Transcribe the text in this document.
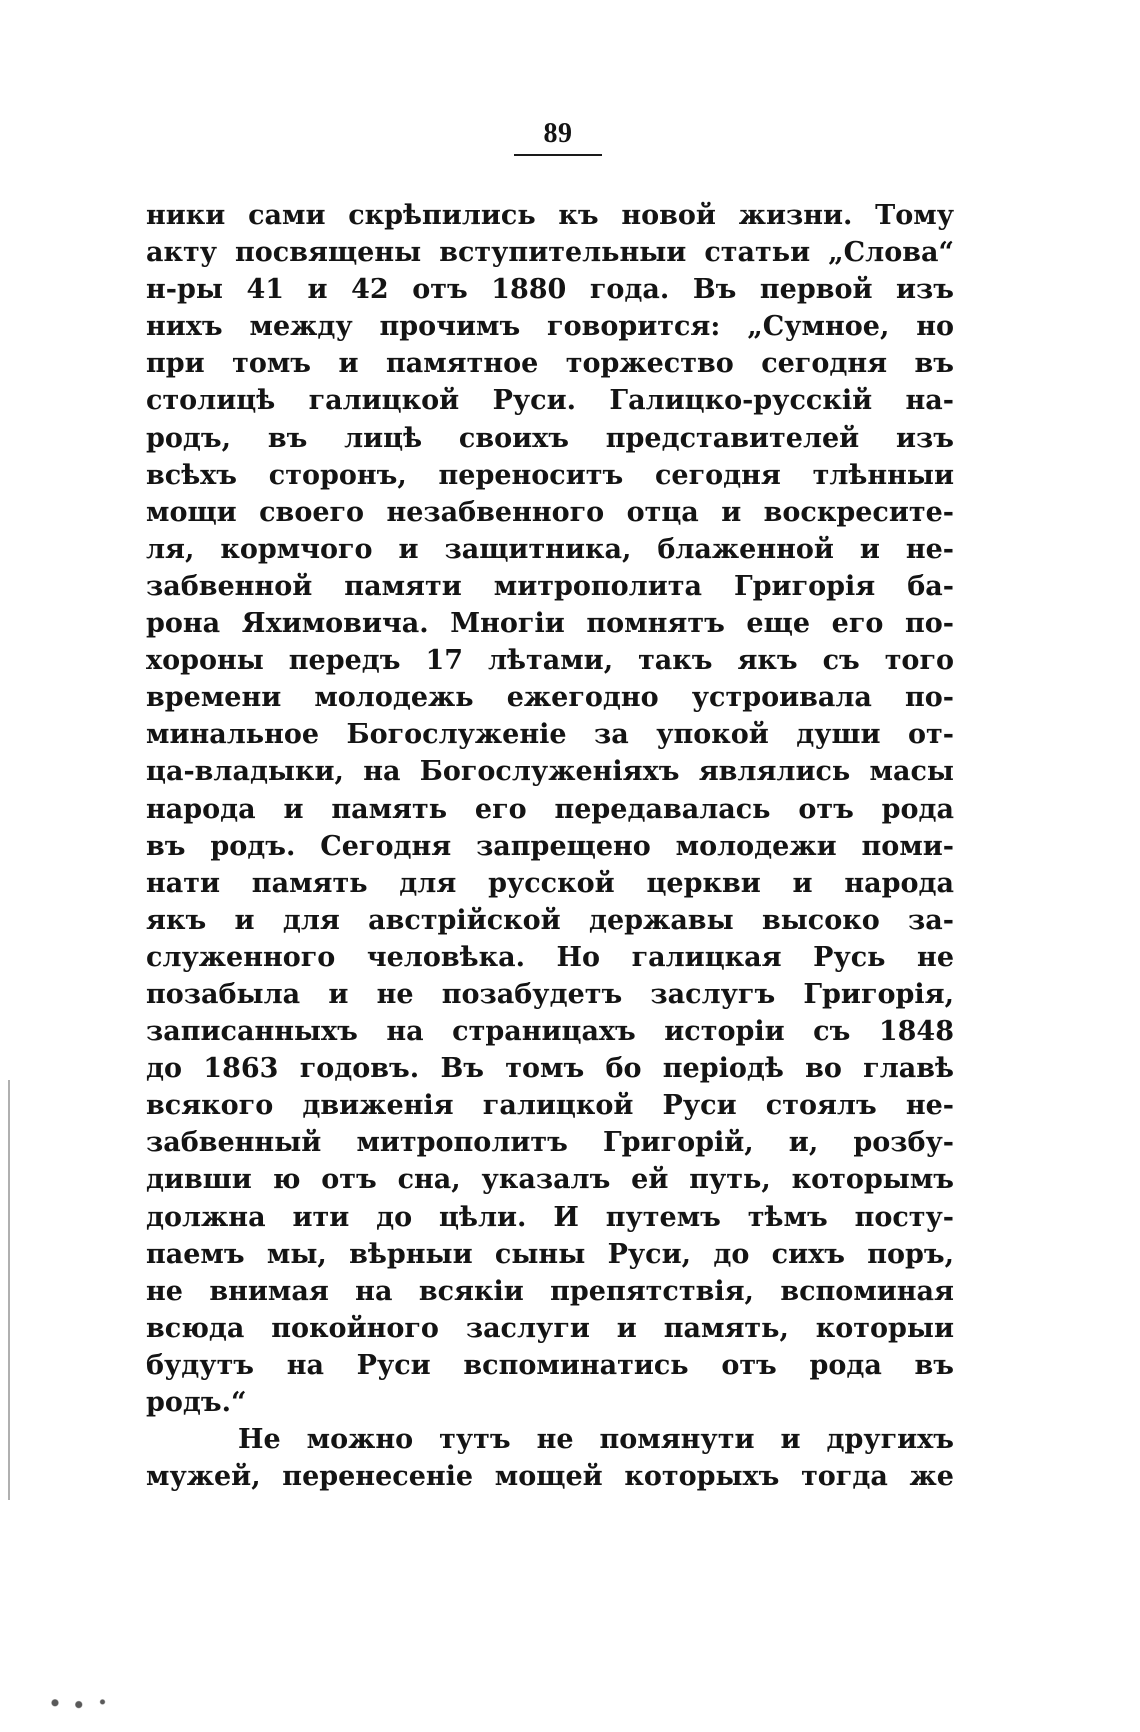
89
ники сами скрѣпились къ новой жизни. Тому
акту посвящены вступительныи статьи „Слова“
н-ры 41 и 42 отъ 1880 года. Въ первой изъ
нихъ между прочимъ говорится: „Сумное, но
при томъ и памятное торжество сегодня въ
столицѣ галицкой Руси. Галицко-русскій на-
родъ, въ лицѣ своихъ представителей изъ
всѣхъ сторонъ, переноситъ сегодня тлѣнныи
мощи своего незабвенного отца и воскресите-
ля, кормчого и защитника, блаженной и не-
забвенной памяти митрополита Григорія ба-
рона Яхимовича. Многіи помнятъ еще его по-
хороны передъ 17 лѣтами, такъ якъ съ того
времени молодежь ежегодно устроивала по-
минальное Богослуженіе за упокой души от-
ца-владыки, на Богослуженіяхъ являлись масы
народа и память его передавалась отъ рода
въ родъ. Сегодня запрещено молодежи поми-
нати память для русской церкви и народа
якъ и для австрійской державы высоко за-
служенного человѣка. Но галицкая Русь не
позабыла и не позабудетъ заслугъ Григорія,
записанныхъ на страницахъ исторіи съ 1848
до 1863 годовъ. Въ томъ бо періодѣ во главѣ
всякого движенія галицкой Руси стоялъ не-
забвенный митрополитъ Григорій, и, розбу-
дивши ю отъ сна, указалъ ей путь, которымъ
должна ити до цѣли. И путемъ тѣмъ посту-
паемъ мы, вѣрныи сыны Руси, до сихъ поръ,
не внимая на всякіи препятствія, вспоминая
всюда покойного заслуги и память, которыи
будутъ на Руси вспоминатись отъ рода въ
родъ.“
Не можно тутъ не помянути и другихъ
мужей, перенесеніе мощей которыхъ тогда же
